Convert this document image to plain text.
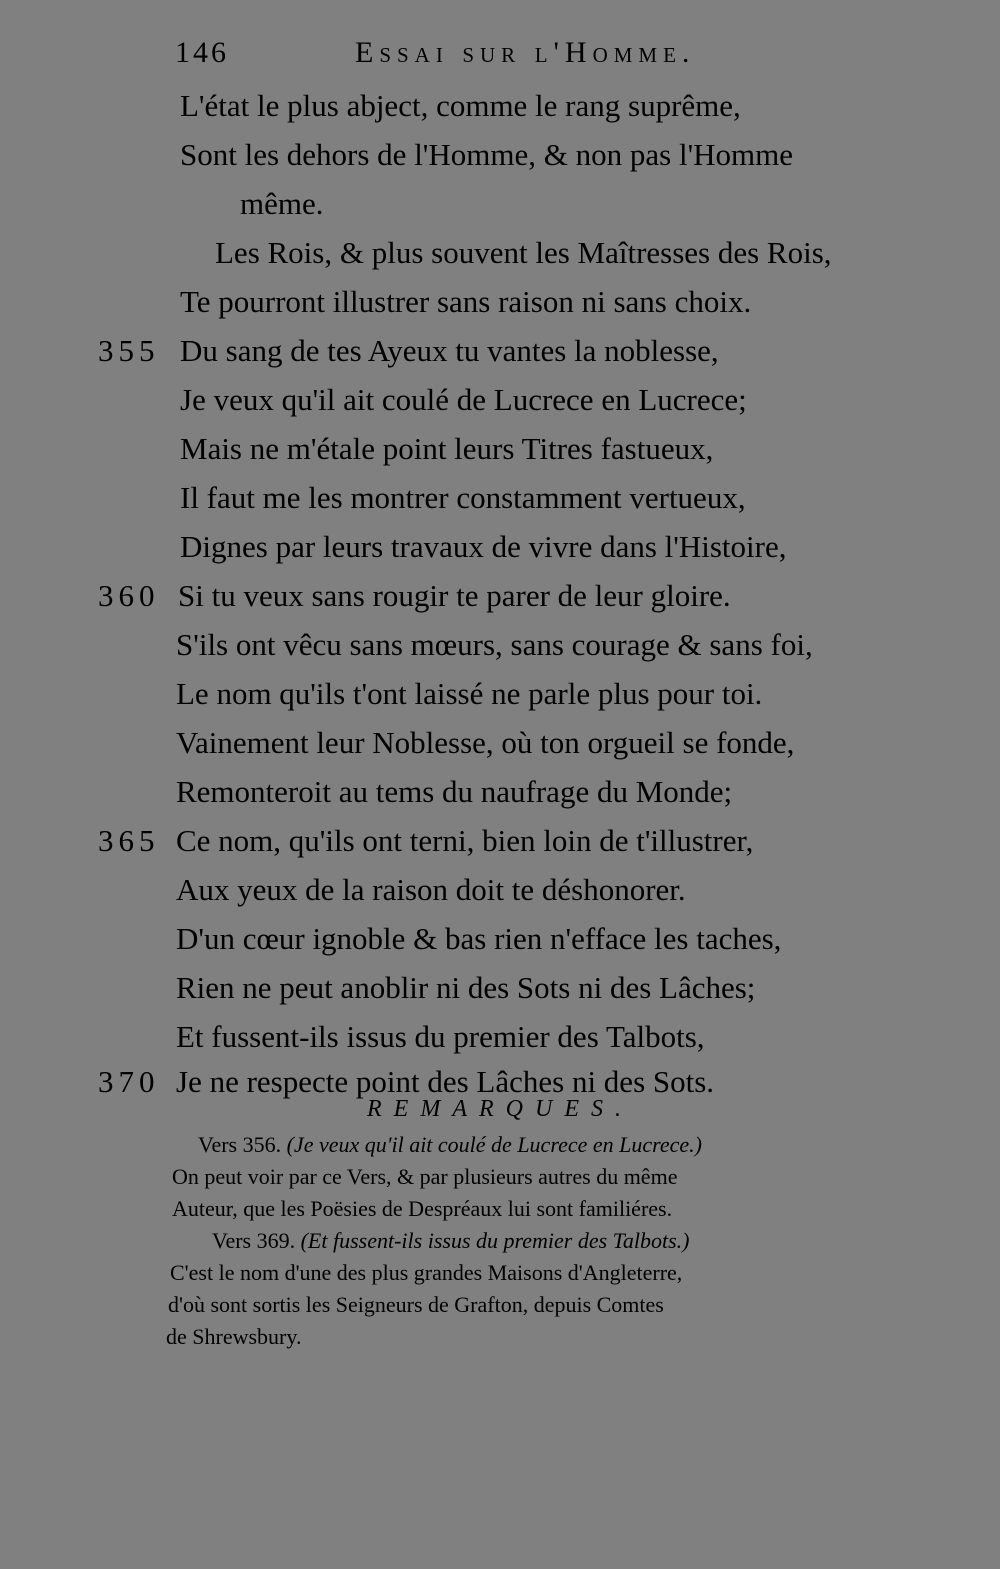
146	Essai sur l'Homme.
L'état le plus abject, comme le rang suprême,
Sont les dehors de l'Homme, & non pas l'Homme
même.
Les Rois, & plus souvent les Maîtresses des Rois,
Te pourront illustrer sans raison ni sans choix.
355 Du sang de tes Ayeux tu vantes la noblesse,
Je veux qu'il ait coulé de Lucrece en Lucrece;
Mais ne m'étale point leurs Titres fastueux,
Il faut me les montrer constamment vertueux,
Dignes par leurs travaux de vivre dans l'Histoire,
360 Si tu veux sans rougir te parer de leur gloire.
S'ils ont vêcu sans mœurs, sans courage & sans foi,
Le nom qu'ils t'ont laissé ne parle plus pour toi.
Vainement leur Noblesse, où ton orgueil se fonde,
Remonteroit au tems du naufrage du Monde;
365 Ce nom, qu'ils ont terni, bien loin de t'illustrer,
Aux yeux de la raison doit te déshonorer.
D'un cœur ignoble & bas rien n'efface les taches,
Rien ne peut anoblir ni des Sots ni des Lâches;
Et fussent-ils issus du premier des Talbots,
370 Je ne respecte point des Lâches ni des Sots.
REMARQUES.
Vers 356. (Je veux qu'il ait coulé de Lucrece en Lucrece.)
On peut voir par ce Vers, & par plusieurs autres du même
Auteur, que les Poësies de Despréaux lui sont familiéres.
Vers 369. (Et fussent-ils issus du premier des Talbots.)
C'est le nom d'une des plus grandes Maisons d'Angleterre,
d'où sont sortis les Seigneurs de Grafton, depuis Comtes
de Shrewsbury.
